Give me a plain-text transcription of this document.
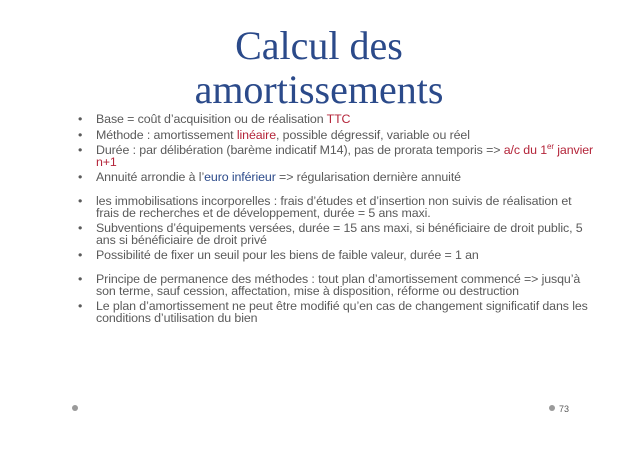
Calcul des
amortissements
• Base = coût d’acquisition ou de réalisation TTC
• Méthode : amortissement linéaire, possible dégressif, variable ou réel
• Durée : par délibération (barème indicatif M14), pas de prorata temporis => a/c du 1er janvier n+1
• Annuité arrondie à l’euro inférieur => régularisation dernière annuité
• les immobilisations incorporelles : frais d’études et d’insertion non suivis de réalisation et frais de recherches et de développement, durée = 5 ans maxi.
• Subventions d’équipements versées, durée = 15 ans maxi, si bénéficiaire de droit public, 5 ans si bénéficiaire de droit privé
• Possibilité de fixer un seuil pour les biens de faible valeur, durée = 1 an
• Principe de permanence des méthodes : tout plan d’amortissement commencé => jusqu’à son terme, sauf cession, affectation, mise à disposition, réforme ou destruction
• Le plan d’amortissement ne peut être modifié qu’en cas de changement significatif dans les conditions d’utilisation du bien
73
